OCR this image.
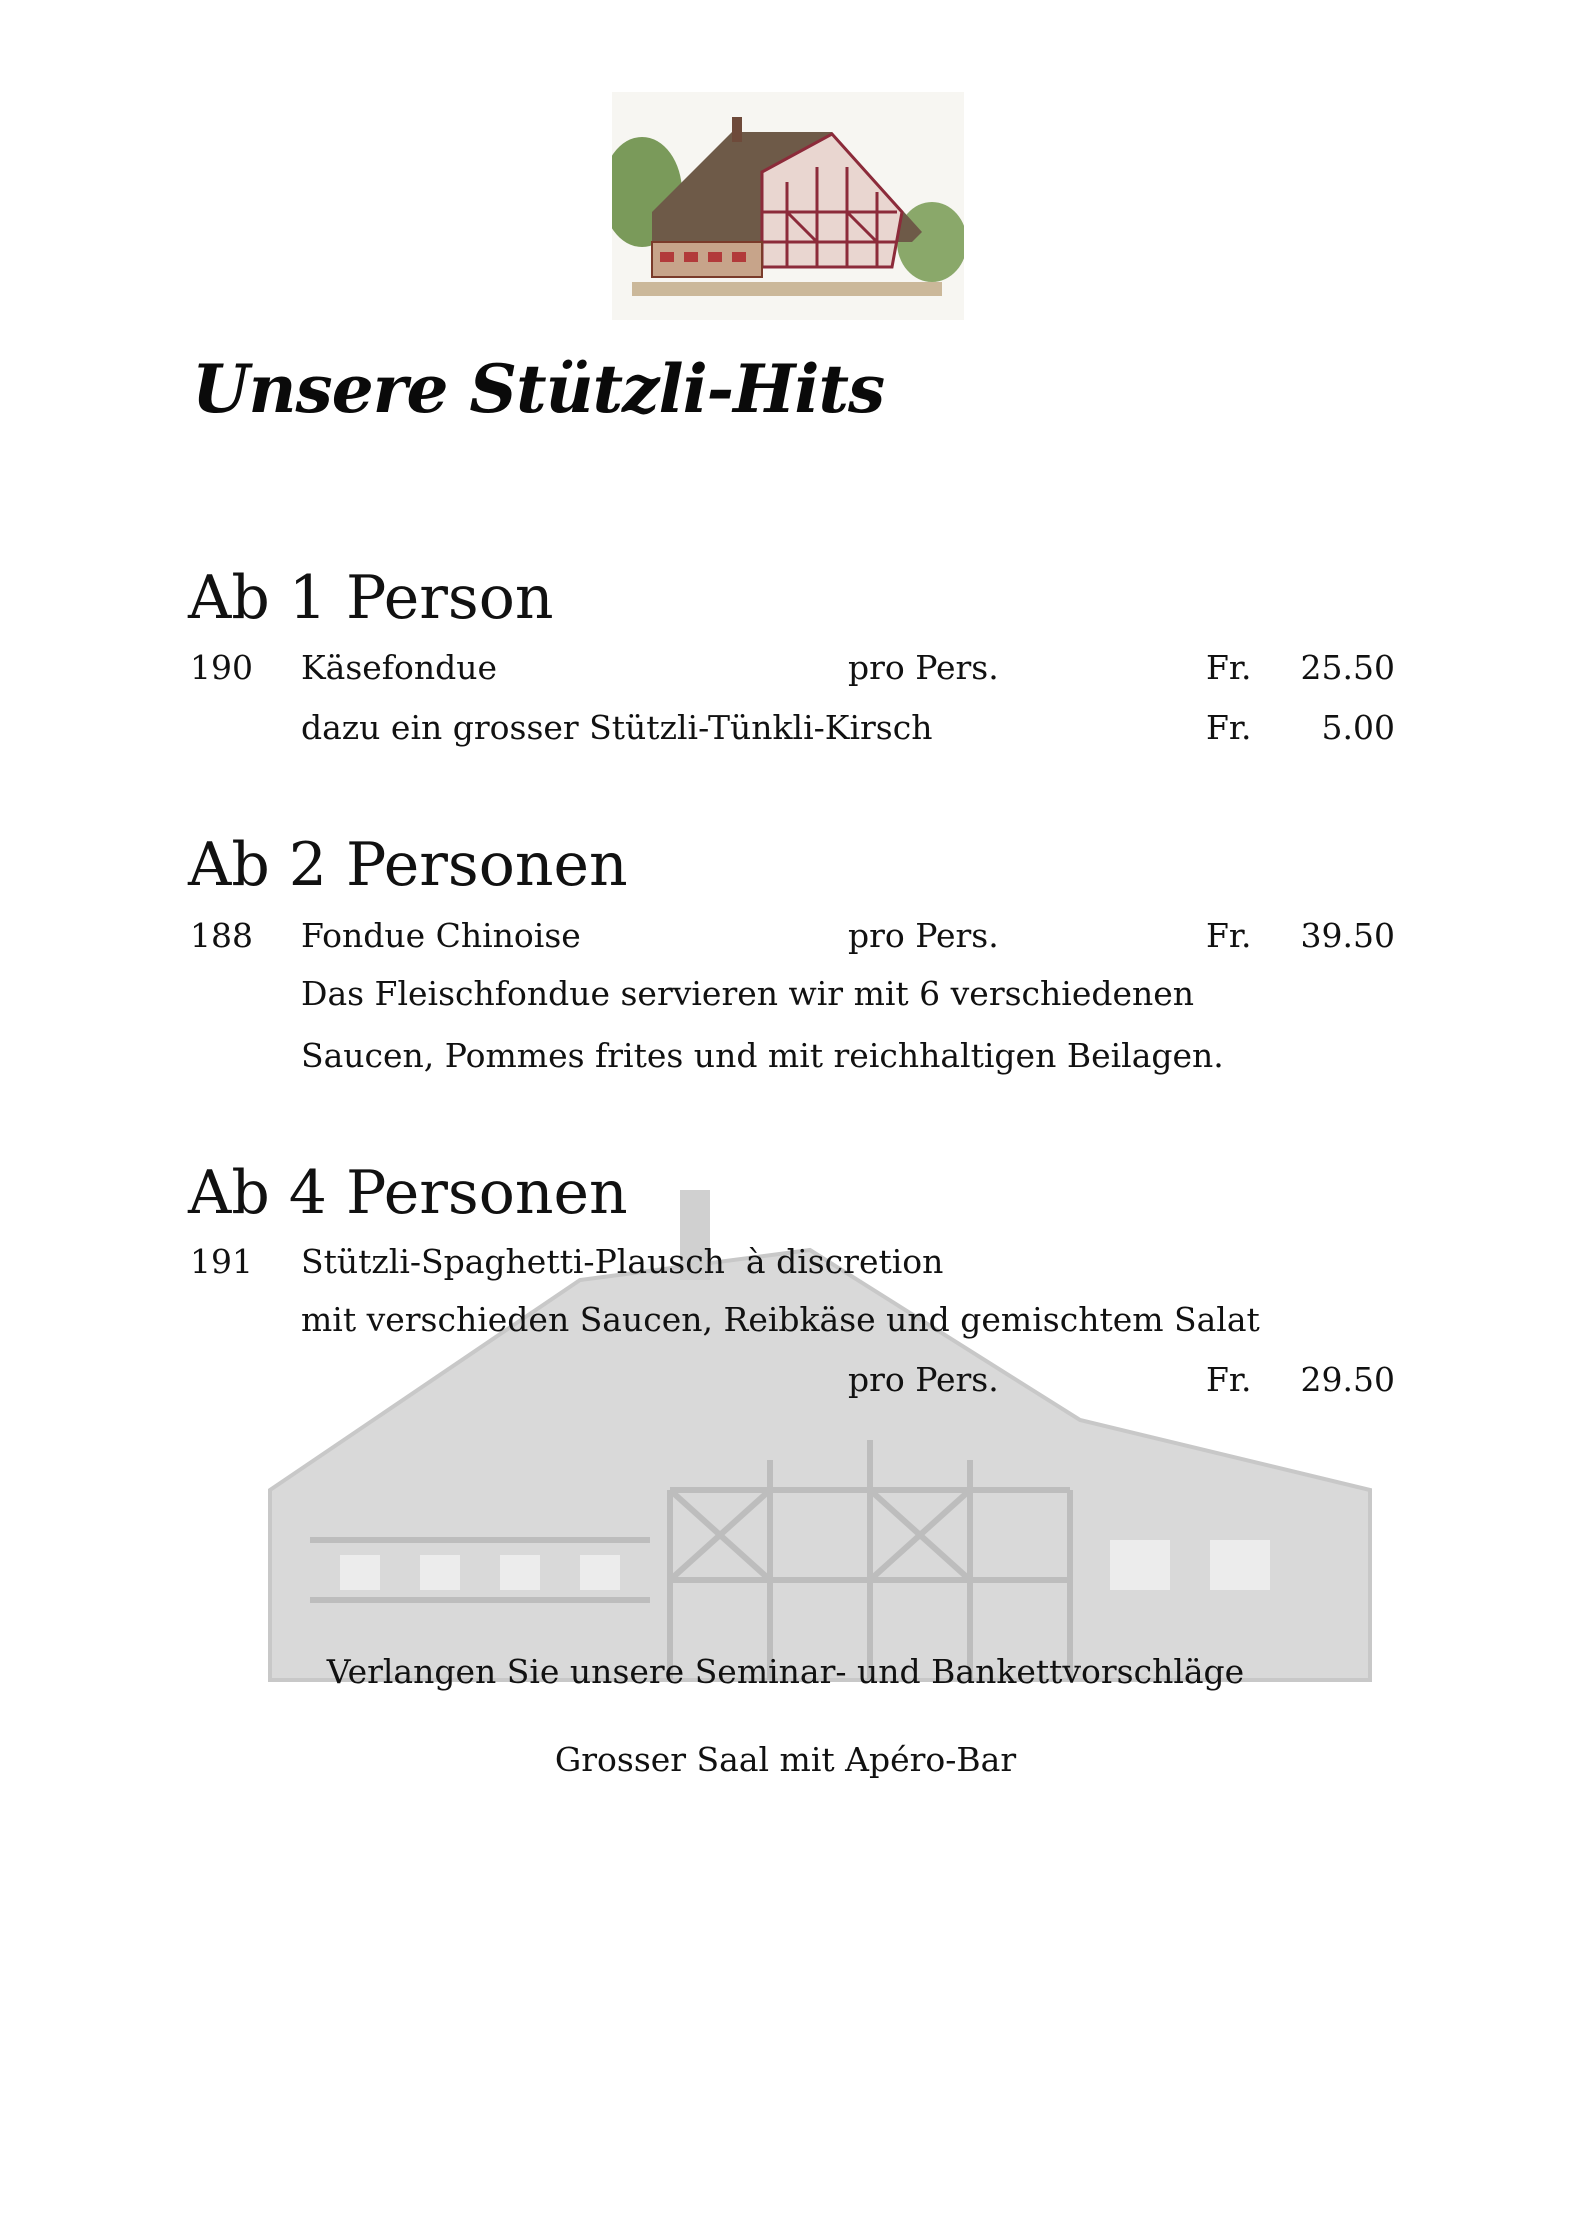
Unsere Stützli-Hits
Ab 1 Person
190 Käsefondue	pro Pers.	Fr. 25.50
dazu ein grosser Stützli-Tünkli-Kirsch	Fr. 5.00
Ab 2 Personen
188 Fondue Chinoise	pro Pers.	Fr. 39.50
Das Fleischfondue servieren wir mit 6 verschiedenen
Saucen, Pommes frites und mit reichhaltigen Beilagen.
Ab 4 Personen
191 Stützli-Spaghetti-Plausch  à discretion
mit verschieden Saucen, Reibkäse und gemischtem Salat
pro Pers.	Fr. 29.50
Verlangen Sie unsere Seminar- und Bankettvorschläge
Grosser Saal mit Apéro-Bar
